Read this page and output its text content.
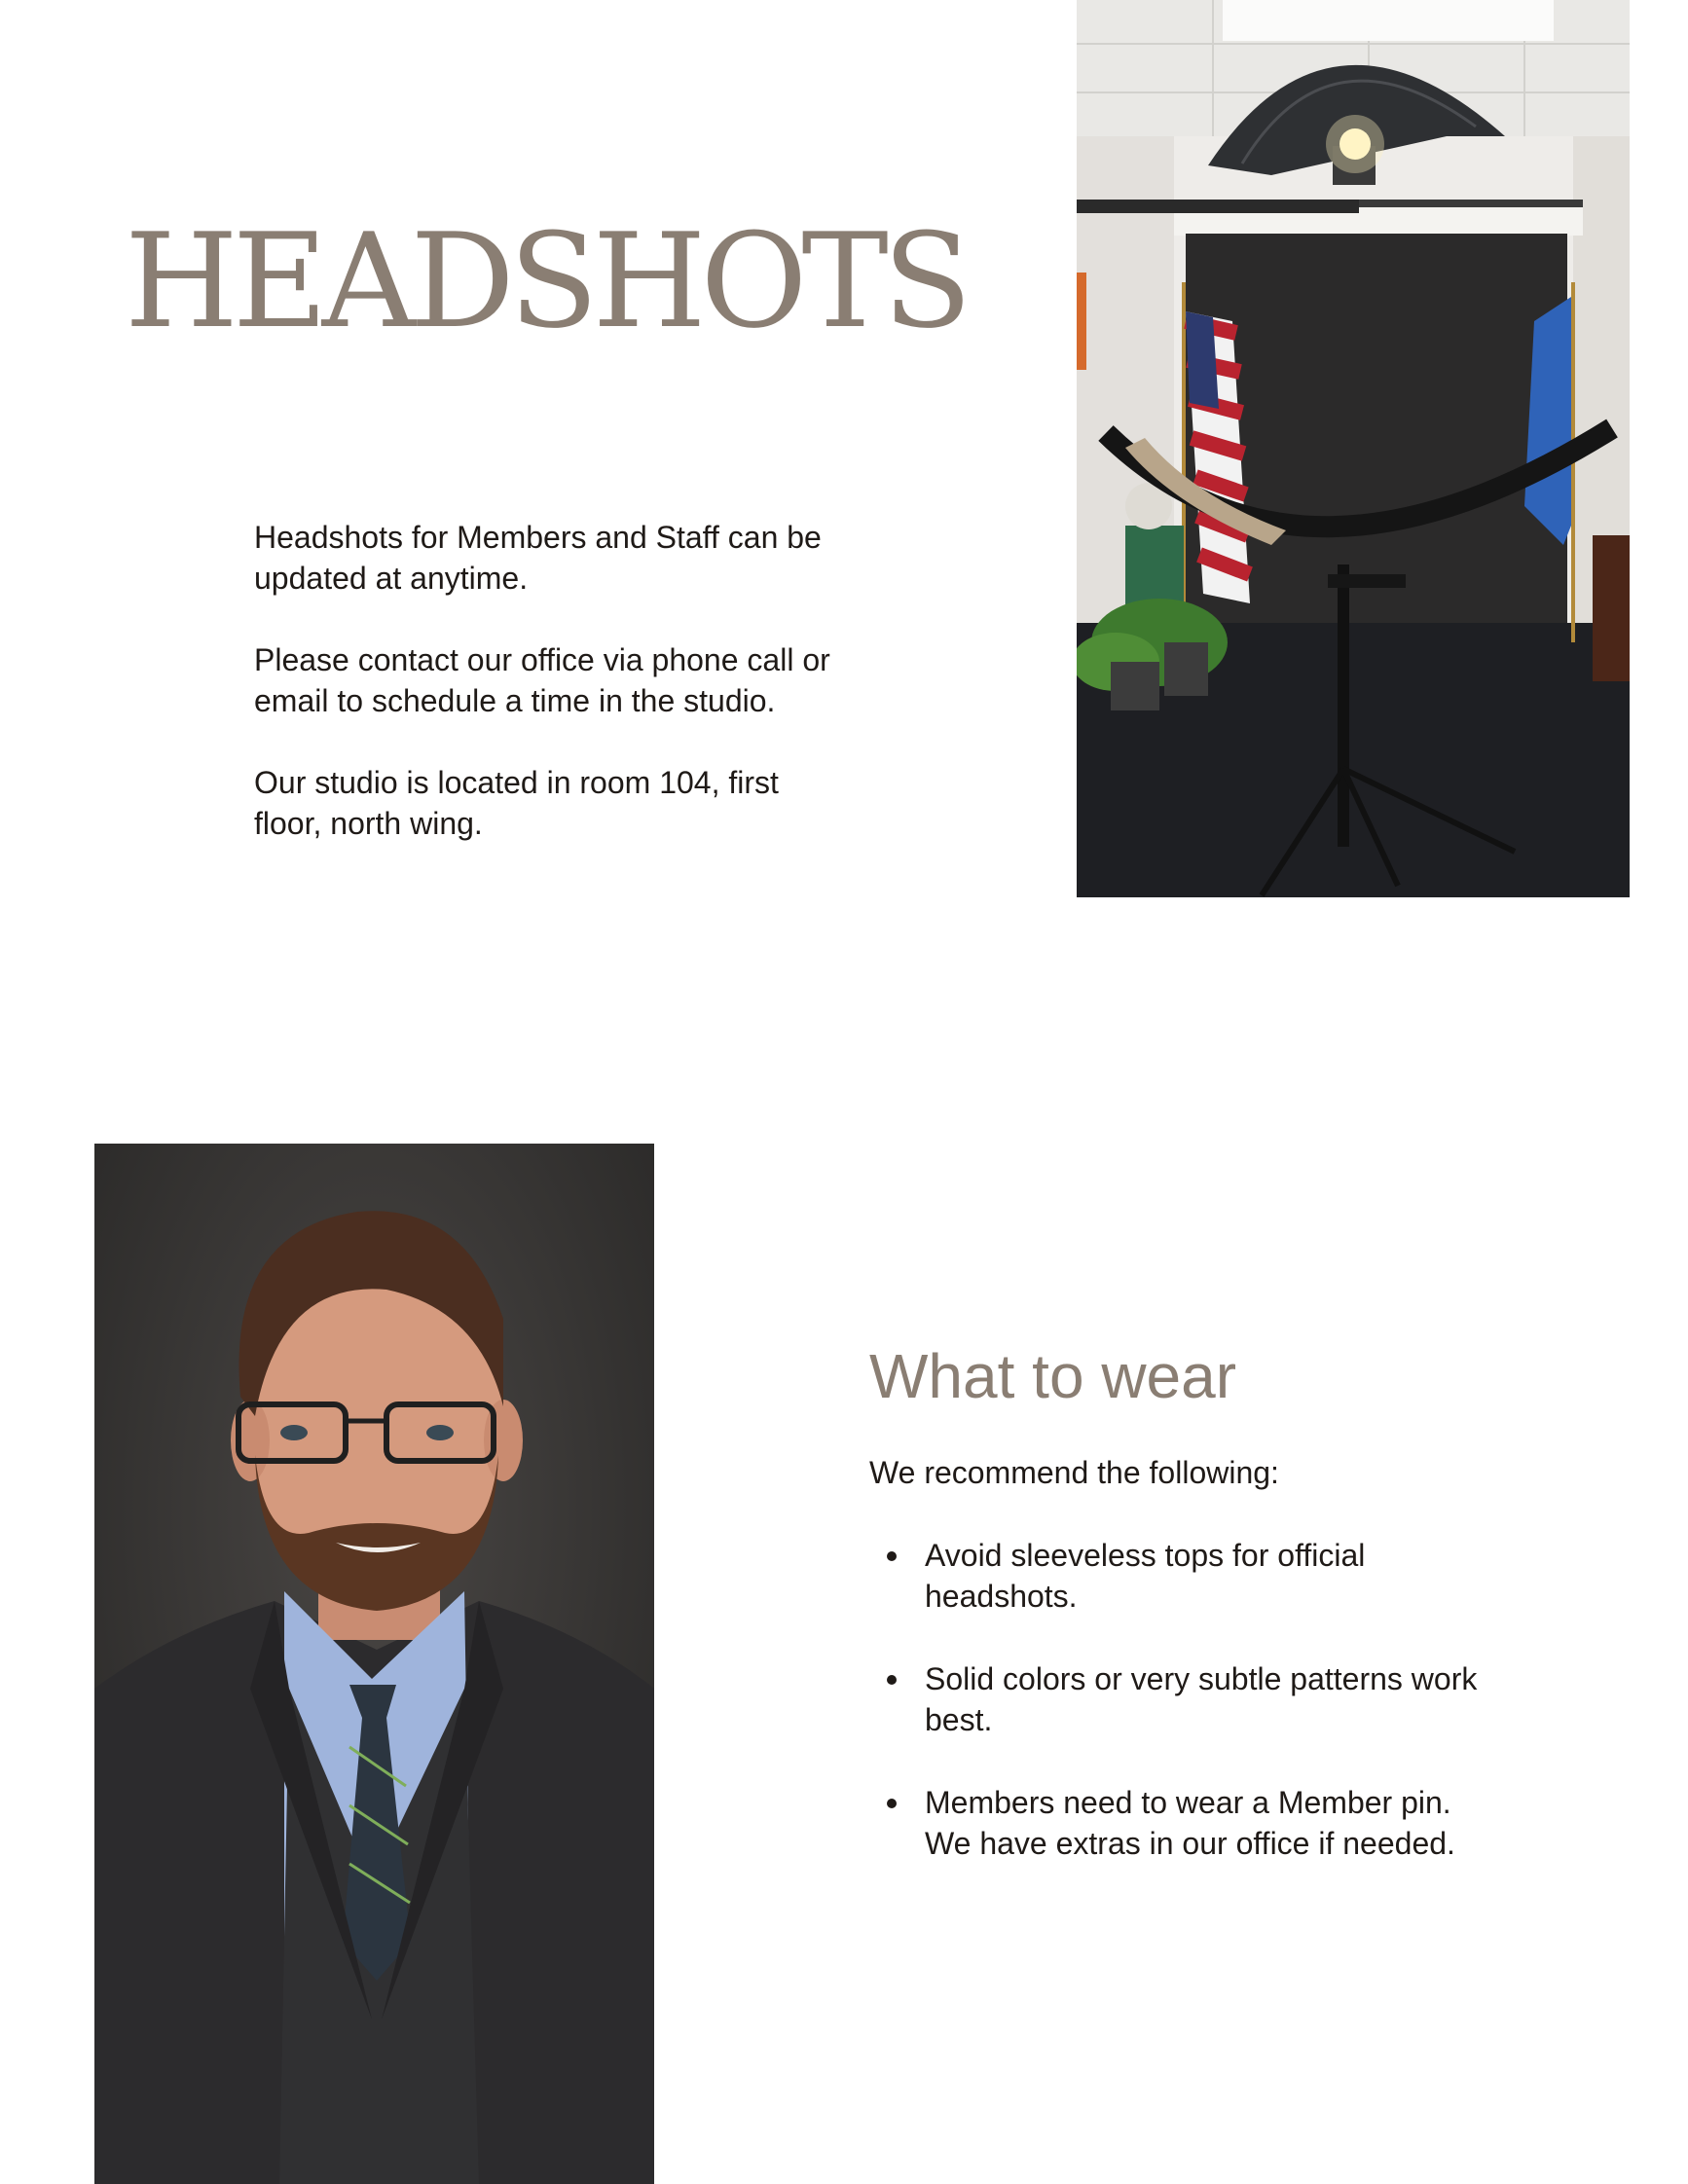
HEADSHOTS

Headshots for Members and Staff can be updated at anytime.

Please contact our office via phone call or email to schedule a time in the studio.

Our studio is located in room 104, first floor, north wing.

What to wear

We recommend the following:

Avoid sleeveless tops for official headshots.
Solid colors or very subtle patterns work best.
Members need to wear a Member pin. We have extras in our office if needed.
